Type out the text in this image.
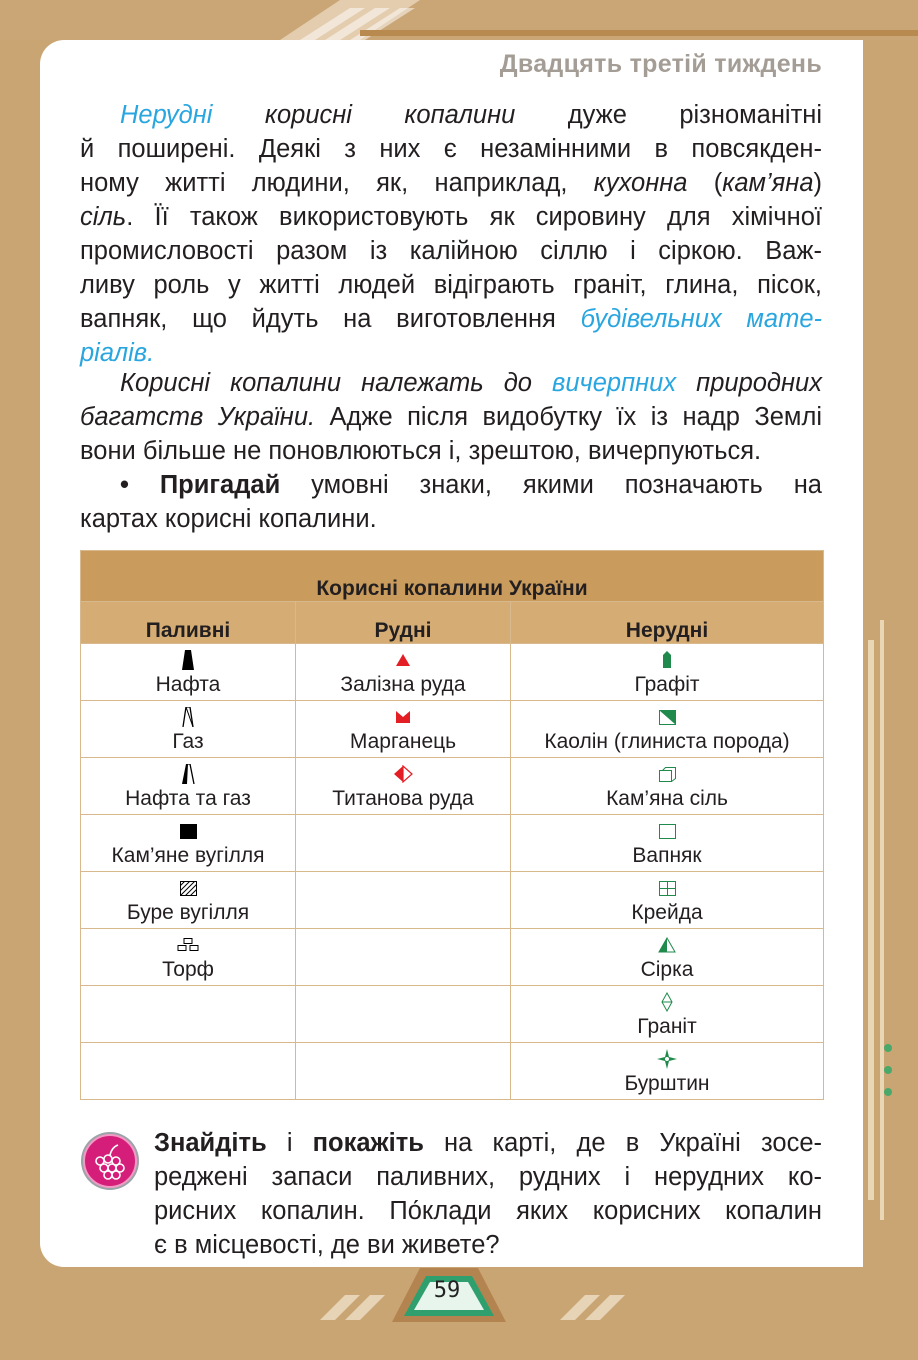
Двадцять третій тиждень
Нерудні корисні копалини дуже різноманітні
й поширені. Деякі з них є незамінними в повсякден-
ному житті людини, як, наприклад, кухонна (кам’яна)
сіль. Її також використовують як сировину для хімічної
промисловості разом із калійною сіллю і сіркою. Важ-
ливу роль у житті людей відіграють граніт, глина, пісок,
вапняк, що йдуть на виготовлення будівельних мате-
ріалів.
Корисні копалини належать до вичерпних природних
багатств України. Адже після видобутку їх із надр Землі
вони більше не поновлюються і, зрештою, вичерпуються.
• Пригадай умовні знаки, якими позначають на
картах корисні копалини.
Корисні копалини України		
Паливні	Рудні	Нерудні

Нафта	Залізна руда	Графіт

Газ	Марганець	Каолін (глиниста порода)

Нафта та газ	Титанова руда	Кам’яна сіль

Кам’яне вугілля		Вапняк

Буре вугілля		Крейда

Торф		Сірка

		Граніт

		Бурштин
Знайдіть і покажіть на карті, де в Україні зосе-
реджені запаси паливних, рудних і нерудних ко-
рисних копалин. По́клади яких корисних копалин
є в місцевості, де ви живете?
59
